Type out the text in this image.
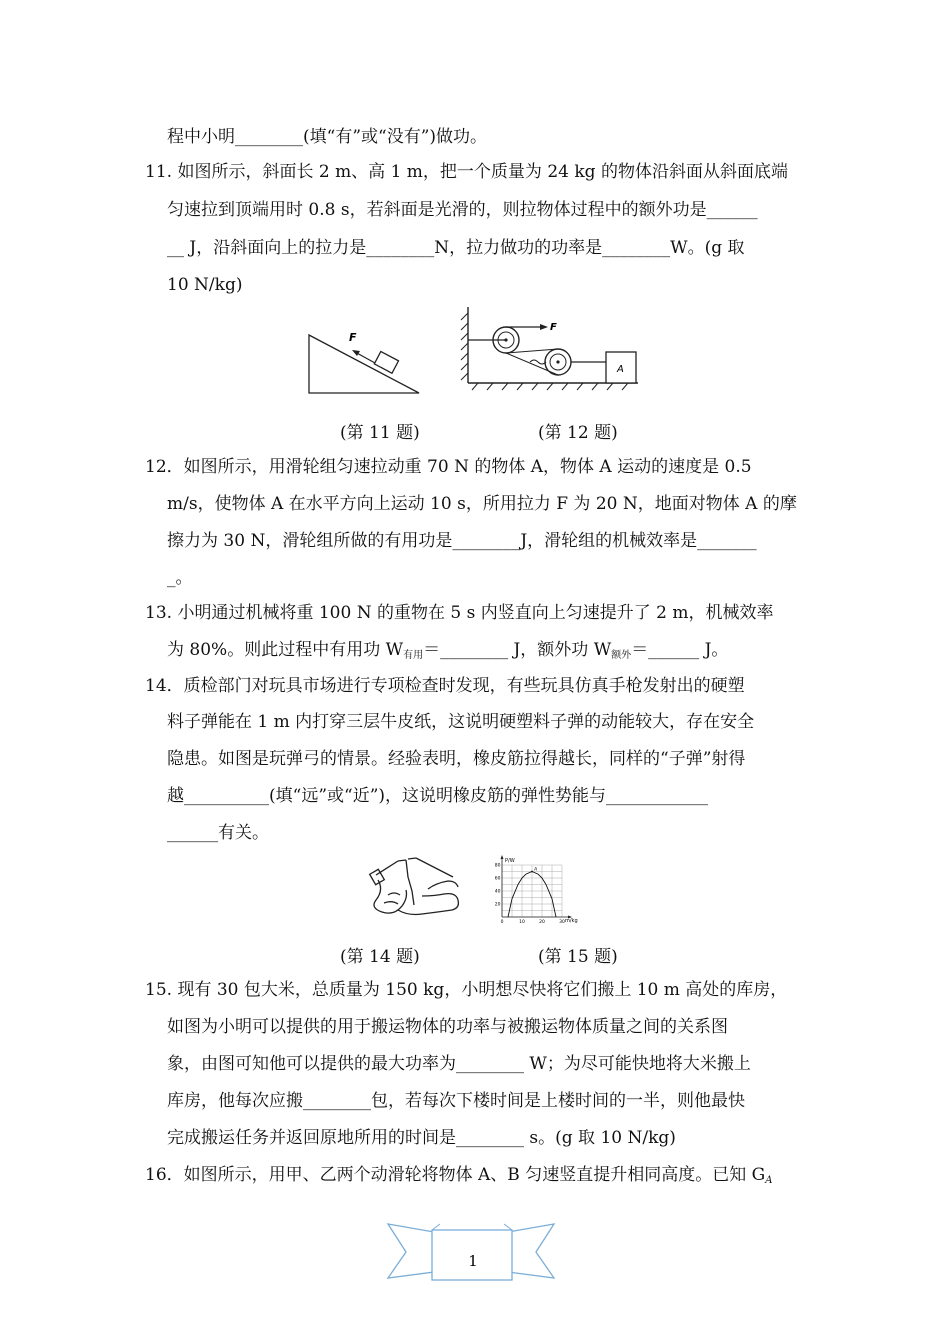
程中小明________(填“有”或“没有”)做功。
11. 如图所示，斜面长 2 m、高 1 m，把一个质量为 24 kg 的物体沿斜面从斜面底端
匀速拉到顶端用时 0.8 s，若斜面是光滑的，则拉物体过程中的额外功是______
__ J，沿斜面向上的拉力是________N，拉力做功的功率是________W。(g 取
10 N/kg)
F
F
A
(第 11 题)	(第 12 题)
12．如图所示，用滑轮组匀速拉动重 70 N 的物体 A，物体 A 运动的速度是 0.5
m/s，使物体 A 在水平方向上运动 10 s，所用拉力 F 为 20 N，地面对物体 A 的摩
擦力为 30 N，滑轮组所做的有用功是________J，滑轮组的机械效率是_______
_。
13. 小明通过机械将重 100 N 的重物在 5 s 内竖直向上匀速提升了 2 m，机械效率
为 80%。则此过程中有用功 $W_{有用}=\_\_\_\_\_\_\_\_$ J，额外功 $W_{额外}=\_\_\_\_\_\_$ J。
14．质检部门对玩具市场进行专项检查时发现，有些玩具仿真手枪发射出的硬塑
料子弹能在 1 m 内打穿三层牛皮纸，这说明硬塑料子弹的动能较大，存在安全
隐患。如图是玩弹弓的情景。经验表明，橡皮筋拉得越长，同样的“子弹”射得
越__________(填“远”或“近”)，这说明橡皮筋的弹性势能与____________
______有关。
P/W
m/kg
0	10	20	30
20
40
60
80
A
(第 14 题)	(第 15 题)
15. 现有 30 包大米，总质量为 150 kg，小明想尽快将它们搬上 10 m 高处的库房，
如图为小明可以提供的用于搬运物体的功率与被搬运物体质量之间的关系图
象，由图可知他可以提供的最大功率为________ W；为尽可能快地将大米搬上
库房，他每次应搬________包，若每次下楼时间是上楼时间的一半，则他最快
完成搬运任务并返回原地所用的时间是________ s。(g 取 10 N/kg)
16．如图所示，用甲、乙两个动滑轮将物体 A、B 匀速竖直提升相同高度。已知 $G_A$
1
